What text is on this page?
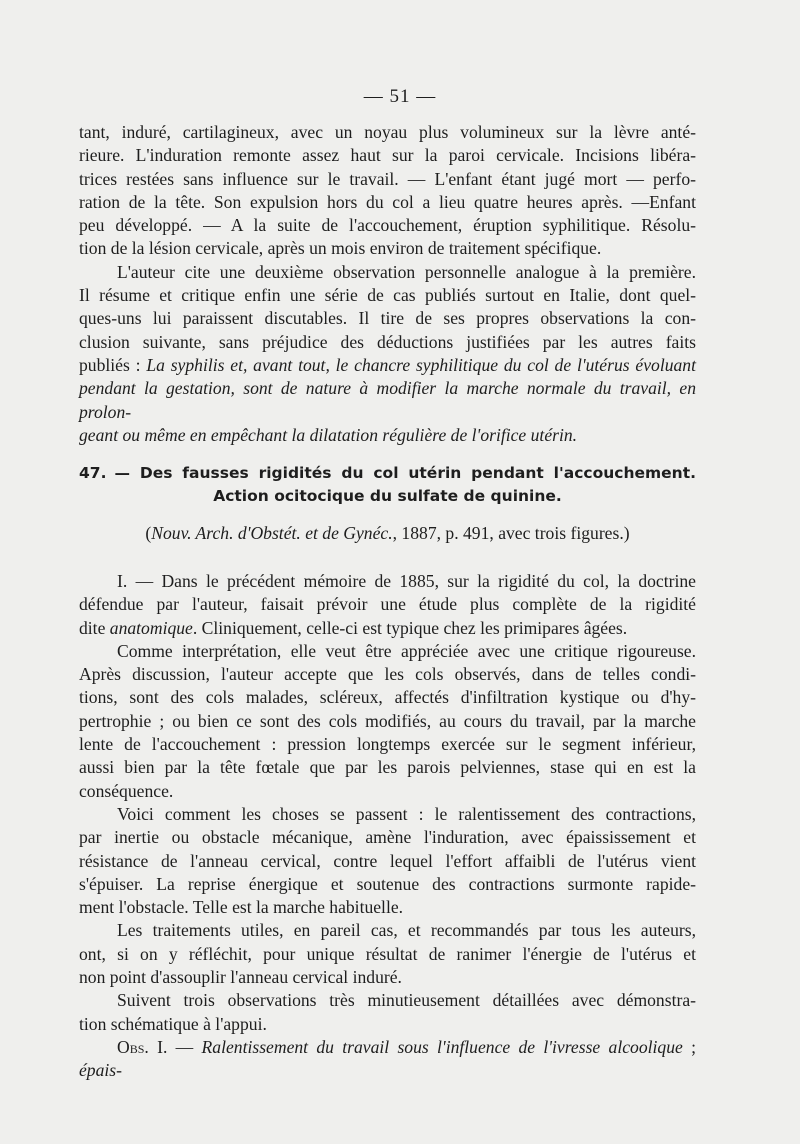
— 51 —

tant, induré, cartilagineux, avec un noyau plus volumineux sur la lèvre anté-

rieure. L'induration remonte assez haut sur la paroi cervicale. Incisions libéra-

trices restées sans influence sur le travail. — L'enfant étant jugé mort — perfo-

ration de la tête. Son expulsion hors du col a lieu quatre heures après. —Enfant

peu développé. — A la suite de l'accouchement, éruption syphilitique. Résolu-

tion de la lésion cervicale, après un mois environ de traitement spécifique.

L'auteur cite une deuxième observation personnelle analogue à la première.

Il résume et critique enfin une série de cas publiés surtout en Italie, dont quel-

ques-uns lui paraissent discutables. Il tire de ses propres observations la con-

clusion suivante, sans préjudice des déductions justifiées par les autres faits

publiés : La syphilis et, avant tout, le chancre syphilitique du col de l'utérus évoluant

pendant la gestation, sont de nature à modifier la marche normale du travail, en prolon-

geant ou même en empêchant la dilatation régulière de l'orifice utérin.

47. — Des fausses rigidités du col utérin pendant l'accouchement.
Action ocitocique du sulfate de quinine.
(Nouv. Arch. d'Obstét. et de Gynéc., 1887, p. 491, avec trois figures.)

I. — Dans le précédent mémoire de 1885, sur la rigidité du col, la doctrine

défendue par l'auteur, faisait prévoir une étude plus complète de la rigidité

dite anatomique. Cliniquement, celle-ci est typique chez les primipares âgées.

Comme interprétation, elle veut être appréciée avec une critique rigoureuse.

Après discussion, l'auteur accepte que les cols observés, dans de telles condi-

tions, sont des cols malades, scléreux, affectés d'infiltration kystique ou d'hy-

pertrophie ; ou bien ce sont des cols modifiés, au cours du travail, par la marche

lente de l'accouchement : pression longtemps exercée sur le segment inférieur,

aussi bien par la tête fœtale que par les parois pelviennes, stase qui en est la

conséquence.

Voici comment les choses se passent : le ralentissement des contractions,

par inertie ou obstacle mécanique, amène l'induration, avec épaississement et

résistance de l'anneau cervical, contre lequel l'effort affaibli de l'utérus vient

s'épuiser. La reprise énergique et soutenue des contractions surmonte rapide-

ment l'obstacle. Telle est la marche habituelle.

Les traitements utiles, en pareil cas, et recommandés par tous les auteurs,

ont, si on y réfléchit, pour unique résultat de ranimer l'énergie de l'utérus et

non point d'assouplir l'anneau cervical induré.

Suivent trois observations très minutieusement détaillées avec démonstra-

tion schématique à l'appui.

Obs. I. — Ralentissement du travail sous l'influence de l'ivresse alcoolique ; épais-
